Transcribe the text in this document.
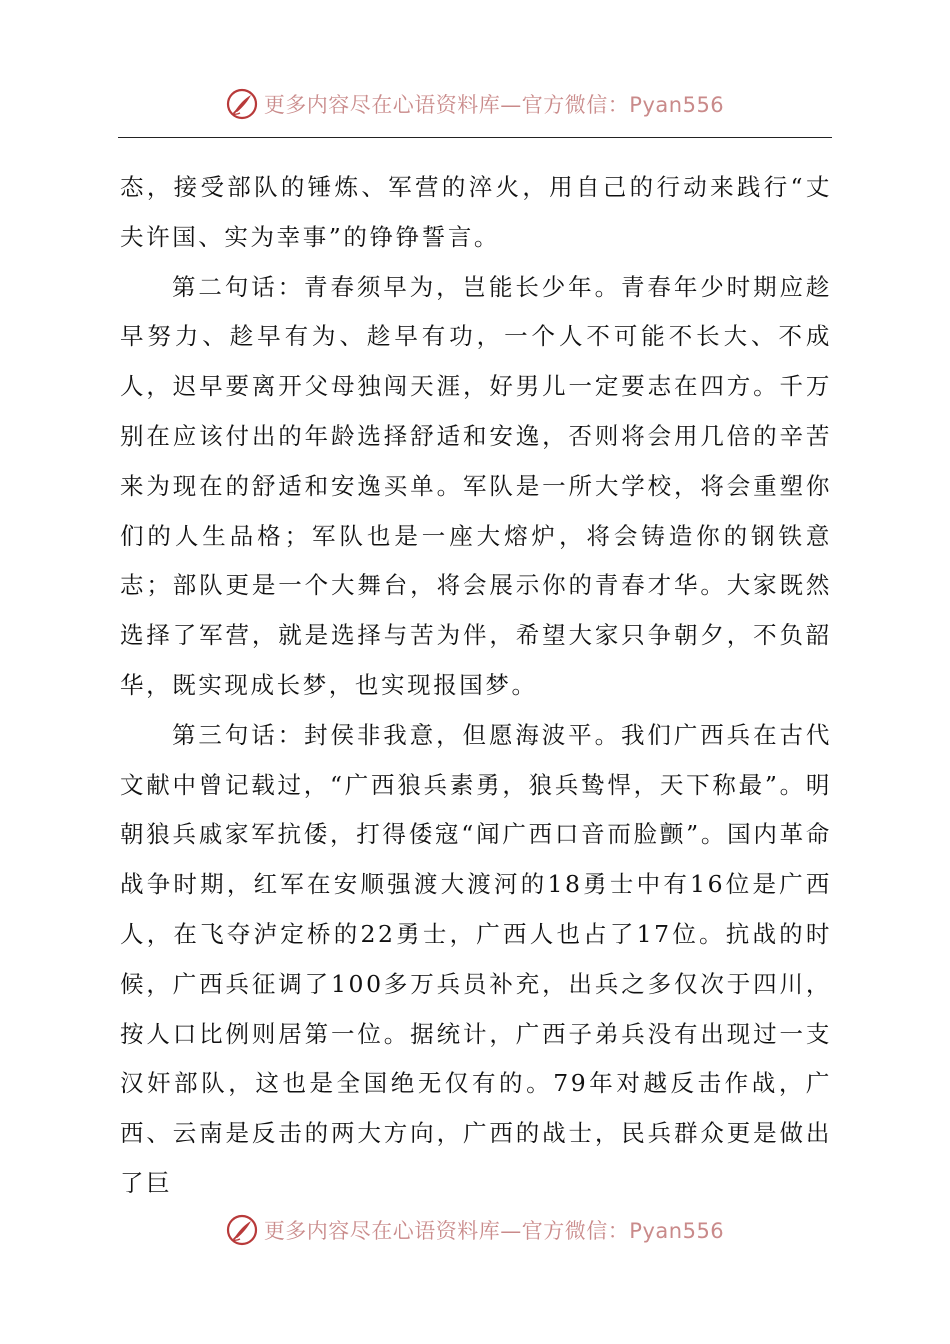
更多内容尽在心语资料库—官方微信：Pyan556

态，接受部队的锤炼、军营的淬火，用自己的行动来践行“丈夫许国、实为幸事”的铮铮誓言。

第二句话：青春须早为，岂能长少年。青春年少时期应趁早努力、趁早有为、趁早有功，一个人不可能不长大、不成人，迟早要离开父母独闯天涯，好男儿一定要志在四方。千万别在应该付出的年龄选择舒适和安逸，否则将会用几倍的辛苦来为现在的舒适和安逸买单。军队是一所大学校，将会重塑你们的人生品格；军队也是一座大熔炉，将会铸造你的钢铁意志；部队更是一个大舞台，将会展示你的青春才华。大家既然选择了军营，就是选择与苦为伴，希望大家只争朝夕，不负韶华，既实现成长梦，也实现报国梦。

第三句话：封侯非我意，但愿海波平。我们广西兵在古代文献中曾记载过，“广西狼兵素勇，狼兵鸷悍，天下称最”。明朝狼兵戚家军抗倭，打得倭寇“闻广西口音而脸颤”。国内革命战争时期，红军在安顺强渡大渡河的18勇士中有16位是广西人，在飞夺泸定桥的22勇士，广西人也占了17位。抗战的时候，广西兵征调了100多万兵员补充，出兵之多仅次于四川，按人口比例则居第一位。据统计，广西子弟兵没有出现过一支汉奸部队，这也是全国绝无仅有的。79年对越反击作战，广西、云南是反击的两大方向，广西的战士，民兵群众更是做出了巨

更多内容尽在心语资料库—官方微信：Pyan556
